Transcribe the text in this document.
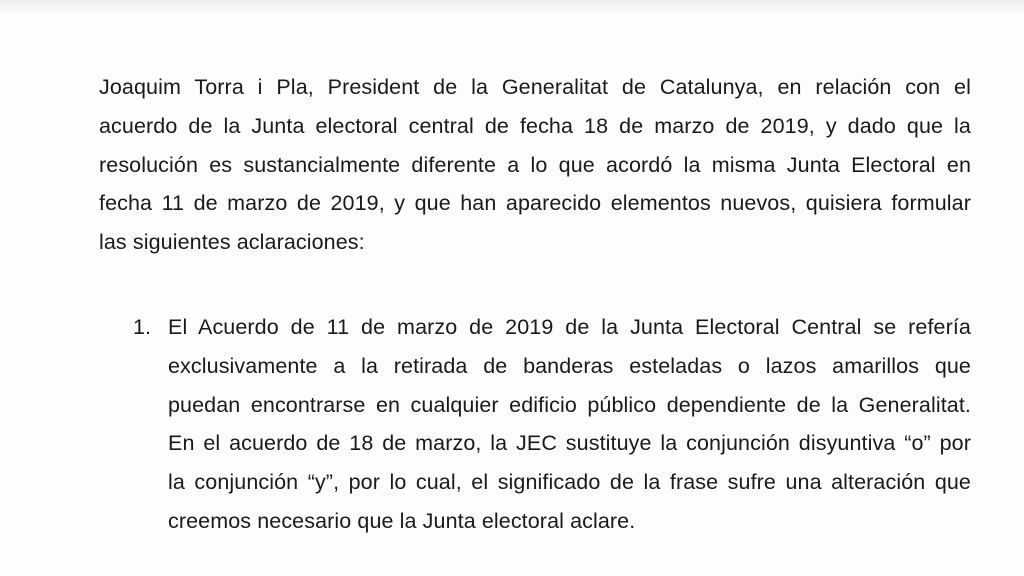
Joaquim Torra i Pla, President de la Generalitat de Catalunya, en relación con el
acuerdo de la Junta electoral central de fecha 18 de marzo de 2019, y dado que la
resolución es sustancialmente diferente a lo que acordó la misma Junta Electoral en
fecha 11 de marzo de 2019, y que han aparecido elementos nuevos, quisiera formular
las siguientes aclaraciones:
1. El Acuerdo de 11 de marzo de 2019 de la Junta Electoral Central se refería
exclusivamente a la retirada de banderas esteladas o lazos amarillos que
puedan encontrarse en cualquier edificio público dependiente de la Generalitat.
En el acuerdo de 18 de marzo, la JEC sustituye la conjunción disyuntiva “o” por
la conjunción “y”, por lo cual, el significado de la frase sufre una alteración que
creemos necesario que la Junta electoral aclare.
